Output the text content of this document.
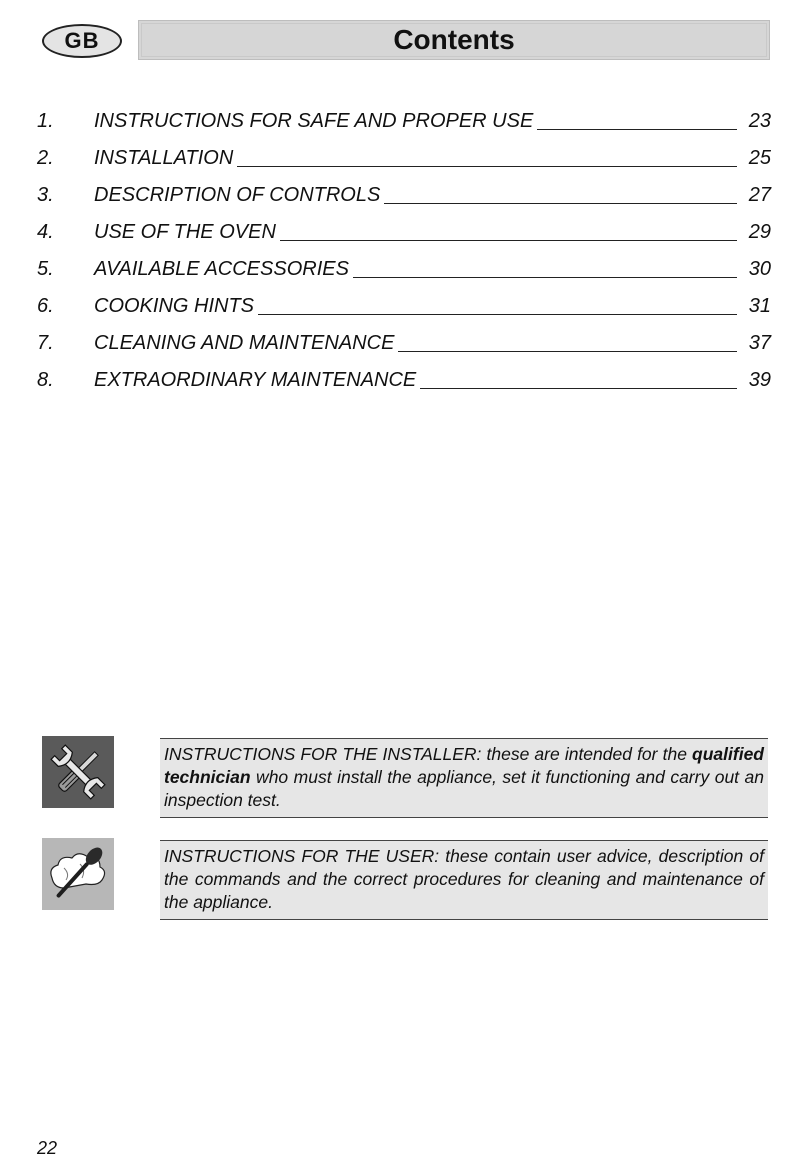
GB	Contents
1.	INSTRUCTIONS FOR SAFE AND PROPER USE	23
2.	INSTALLATION	25
3.	DESCRIPTION OF CONTROLS	27
4.	USE OF THE OVEN	29
5.	AVAILABLE ACCESSORIES	30
6.	COOKING HINTS	31
7.	CLEANING AND MAINTENANCE	37
8.	EXTRAORDINARY MAINTENANCE	39
INSTRUCTIONS FOR THE INSTALLER: these are intended for the qualified technician who must install the appliance, set it functioning and carry out an inspection test.
INSTRUCTIONS FOR THE USER: these contain user advice, description of the commands and the correct procedures for cleaning and maintenance of the appliance.
22
